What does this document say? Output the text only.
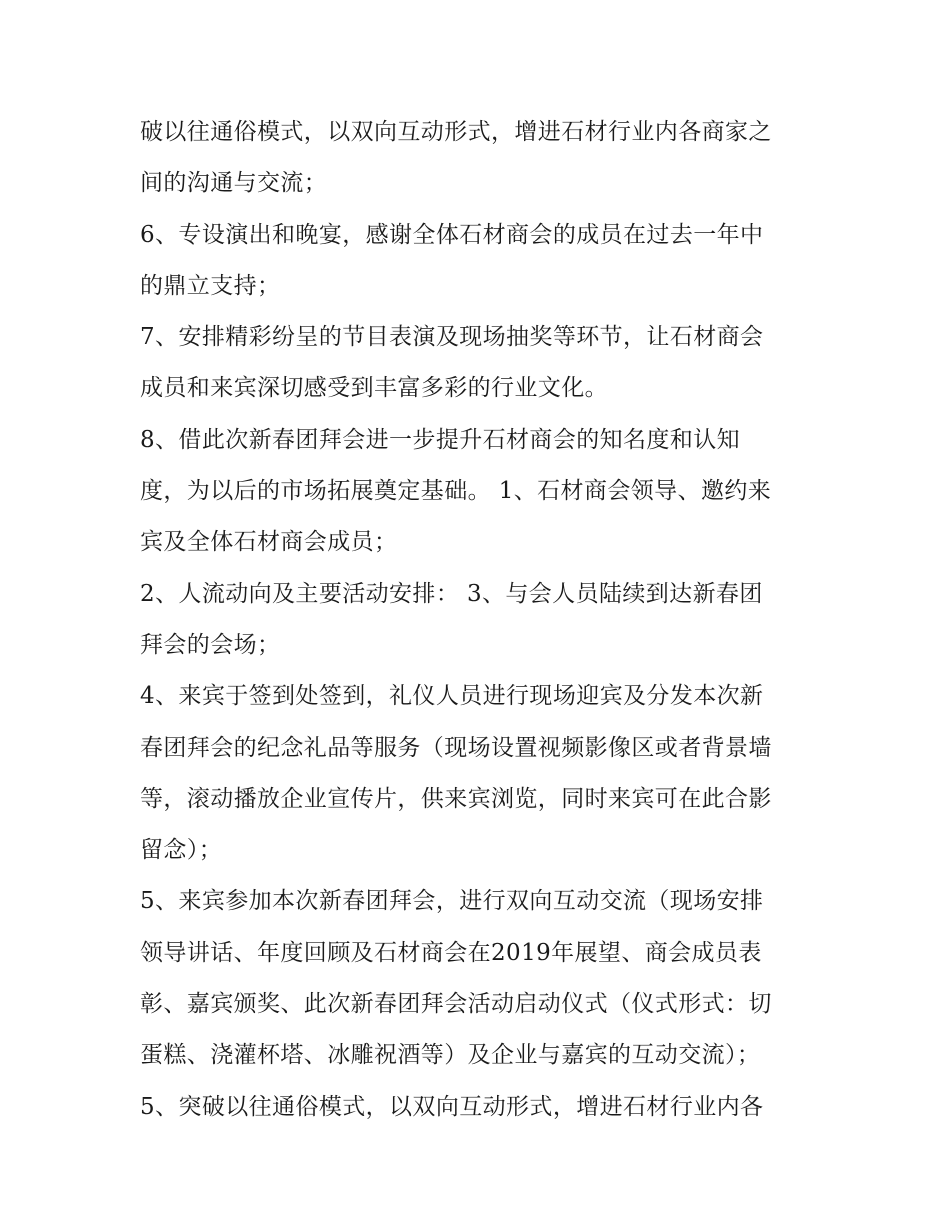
破以往通俗模式，以双向互动形式，增进石材行业内各商家之
间的沟通与交流；
6、专设演出和晚宴，感谢全体石材商会的成员在过去一年中
的鼎立支持；
7、安排精彩纷呈的节目表演及现场抽奖等环节，让石材商会
成员和来宾深切感受到丰富多彩的行业文化。
8、借此次新春团拜会进一步提升石材商会的知名度和认知
度，为以后的市场拓展奠定基础。 1、石材商会领导、邀约来
宾及全体石材商会成员；
2、人流动向及主要活动安排： 3、与会人员陆续到达新春团
拜会的会场；
4、来宾于签到处签到，礼仪人员进行现场迎宾及分发本次新
春团拜会的纪念礼品等服务（现场设置视频影像区或者背景墙
等，滚动播放企业宣传片，供来宾浏览，同时来宾可在此合影
留念）；
5、来宾参加本次新春团拜会，进行双向互动交流（现场安排
领导讲话、年度回顾及石材商会在2019年展望、商会成员表
彰、嘉宾颁奖、此次新春团拜会活动启动仪式（仪式形式：切
蛋糕、浇灌杯塔、冰雕祝酒等）及企业与嘉宾的互动交流）；
5、突破以往通俗模式，以双向互动形式，增进石材行业内各
